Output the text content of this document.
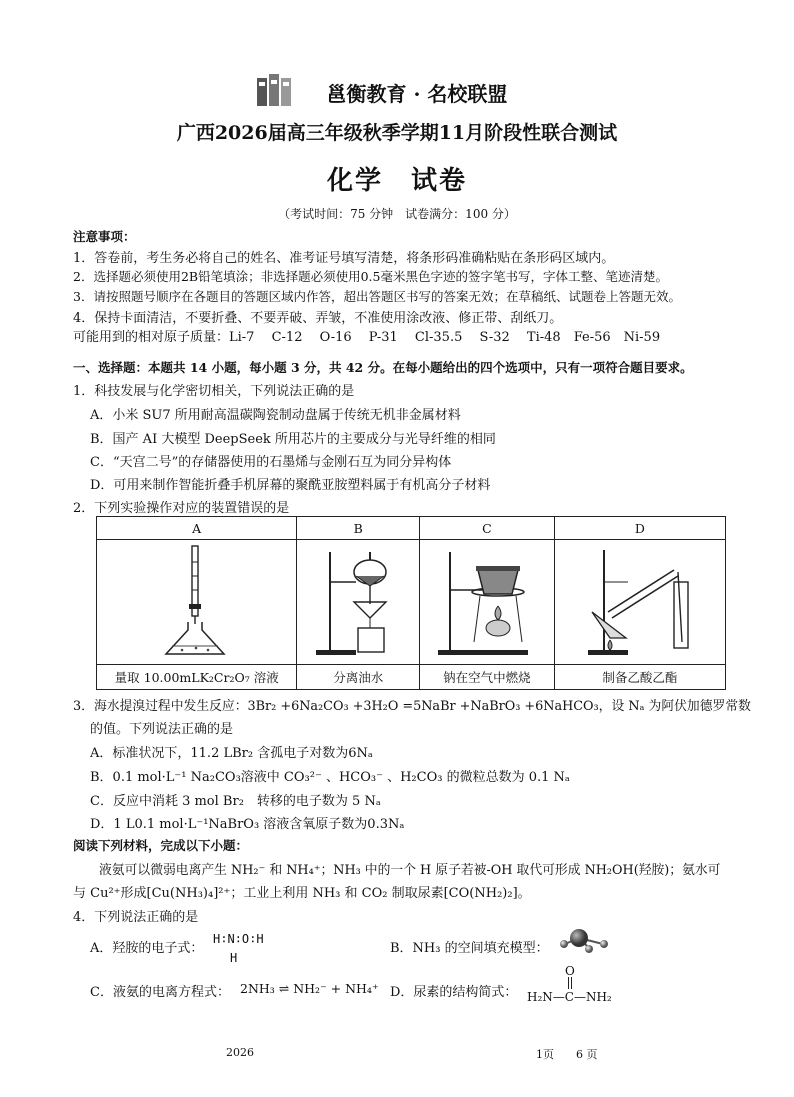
邕衡教育 · 名校联盟
广西2026届高三年级秋季学期11月阶段性联合测试
化学　试卷
（考试时间：75 分钟　试卷满分：100 分）
注意事项：
1．答卷前，考生务必将自己的姓名、准考证号填写清楚，将条形码准确粘贴在条形码区域内。
2．选择题必须使用2B铅笔填涂；非选择题必须使用0.5毫米黑色字迹的签字笔书写，字体工整、笔迹清楚。
3．请按照题号顺序在各题目的答题区域内作答，超出答题区书写的答案无效；在草稿纸、试题卷上答题无效。
4．保持卡面清洁，不要折叠、不要弄破、弄皱，不准使用涂改液、修正带、刮纸刀。
可能用到的相对原子质量：Li-7　 C-12　 O-16　 P-31　 Cl-35.5　 S-32　 Ti-48　Fe-56　Ni-59
一、选择题：本题共 14 小题，每小题 3 分，共 42 分。在每小题给出的四个选项中，只有一项符合题目要求。
1．科技发展与化学密切相关，下列说法正确的是
A．小米 SU7 所用耐高温碳陶瓷制动盘属于传统无机非金属材料
B．国产 AI 大模型 DeepSeek 所用芯片的主要成分与光导纤维的相同
C．“天宫二号”的存储器使用的石墨烯与金刚石互为同分异构体
D．可用来制作智能折叠手机屏幕的聚酰亚胺塑料属于有机高分子材料
2．下列实验操作对应的装置错误的是
A	B	C	D

量取 10.00mLK₂Cr₂O₇ 溶液	分离油水	钠在空气中燃烧	制备乙酸乙酯
3．海水提溴过程中发生反应：3Br₂ +6Na₂CO₃ +3H₂O =5NaBr +NaBrO₃ +6NaHCO₃，设 Nₐ 为阿伏加德罗常数
的值。下列说法正确的是
A．标准状况下，11.2 LBr₂ 含孤电子对数为6Nₐ
B．0.1 mol·L⁻¹ Na₂CO₃溶液中 CO₃²⁻ 、HCO₃⁻ 、H₂CO₃ 的微粒总数为 0.1 Nₐ
C．反应中消耗 3 mol Br₂　转移的电子数为 5 Nₐ
D．1 L0.1 mol·L⁻¹NaBrO₃ 溶液含氧原子数为0.3Nₐ
阅读下列材料，完成以下小题：
液氨可以微弱电离产生 NH₂⁻ 和 NH₄⁺；NH₃ 中的一个 H 原子若被-OH 取代可形成 NH₂OH(羟胺)；氨水可
与 Cu²⁺形成[Cu(NH₃)₄]²⁺；工业上利用 NH₃ 和 CO₂ 制取尿素[CO(NH₂)₂]。
4．下列说法正确的是
A．羟胺的电子式：
H∶N∶O∶H
H
B．NH₃ 的空间填充模型：
C．液氨的电离方程式： 2NH₃ ⇌ NH₂⁻ + NH₄⁺ D．尿素的结构简式：
O
H₂N—C—NH₂
2026	1页　　6 页
